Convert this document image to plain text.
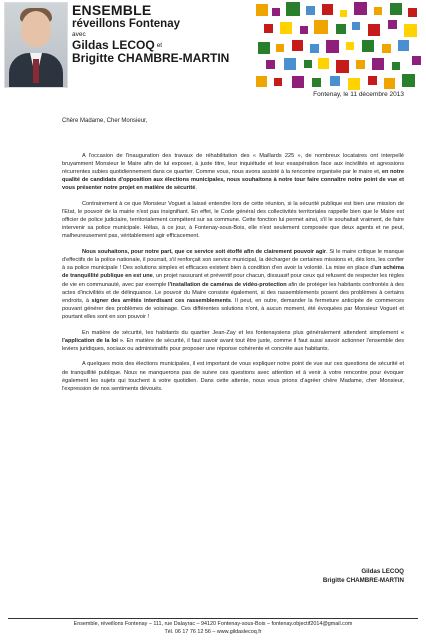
ENSEMBLE
réveillons Fontenay
avec
Gildas LECOQ $^{et}$
Brigitte CHAMBRE-MARTIN
Fontenay, le 11 décembre 2013
Chère Madame, Cher Monsieur,

A l'occasion de l'inauguration des travaux de réhabilitation des « Maillards 225 », de nombreux locataires ont interpellé bruyamment Monsieur le Maire afin de lui exposer, à juste titre, leur inquiétude et leur exaspération face aux incivilités et agressions récurrentes subies quotidiennement dans ce quartier. Comme vous, nous avons assisté à la rencontre organisée par le maire et, en notre qualité de candidats d'opposition aux élections municipales, nous souhaitons à notre tour faire connaître notre point de vue et vous présenter notre projet en matière de sécurité.

Contrairement à ce que Monsieur Voguet a laissé entendre lors de cette réunion, si la sécurité publique est bien une mission de l'Etat, le pouvoir de la mairie n'est pas insignifiant. En effet, le Code général des collectivités territoriales rappelle bien que le Maire est officier de police judiciaire, territorialement compétent sur sa commune. Cette fonction lui permet ainsi, s'il le souhaitait vraiment, de faire intervenir sa police municipale. Hélas, à ce jour, à Fontenay-sous-Bois, elle n'est seulement composée que deux agents et ne peut, malheureusement pas, véritablement agir efficacement.

Nous souhaitons, pour notre part, que ce service soit étoffé afin de clairement pouvoir agir. Si le maire critique le manque d'effectifs de la police nationale, il pourrait, s'il renforçait son service municipal, la décharger de certaines missions et, dès lors, les confier à sa police municipale ! Des solutions simples et efficaces existent bien à condition d'en avoir la volonté. La mise en place d'un schéma de tranquillité publique en est une, un projet rassurant et préventif pour chacun, dissuasif pour ceux qui refusent de respecter les règles de vie en communauté, avec par exemple l'installation de caméras de vidéo-protection afin de protéger les habitants confrontés à des actes d'incivilités et de délinquance. Le pouvoir du Maire consiste également, si des rassemblements posent des problèmes à certains endroits, à signer des arrêtés interdisant ces rassemblements. Il peut, en outre, demander la fermeture anticipée de commerces pouvant générer des problèmes de voisinage. Ces différentes solutions n'ont, à aucun moment, été évoquées par Monsieur Voguet et pourtant elles sont en son pouvoir !

En matière de sécurité, les habitants du quartier Jean-Zay et les fontenaysiens plus généralement attendent simplement « l'application de la loi ». En matière de sécurité, il faut savoir avant tout être juste, comme il faut aussi savoir actionner l'ensemble des leviers juridiques, sociaux ou administratifs pour proposer une réponse cohérente et concrète aux habitants.

A quelques mois des élections municipales, il est important de vous expliquer notre point de vue sur ces questions de sécurité et de tranquillité publique. Nous ne manquerons pas de suivre ces questions avec attention et à venir à votre rencontre pour évoquer également les sujets qui touchent à votre quotidien. Dans cette attente, nous vous prions d'agréer chère Madame, cher Monsieur, l'expression de nos sentiments dévoués.

Gildas LECOQ
Brigitte CHAMBRE-MARTIN
Ensemble, réveillons Fontenay – 111, rue Dalayrac – 94120 Fontenay-sous-Bois – fontenay.objectif2014@gmail.com
Tél. 06 17 76 12 56 – www.gildaslecoq.fr
